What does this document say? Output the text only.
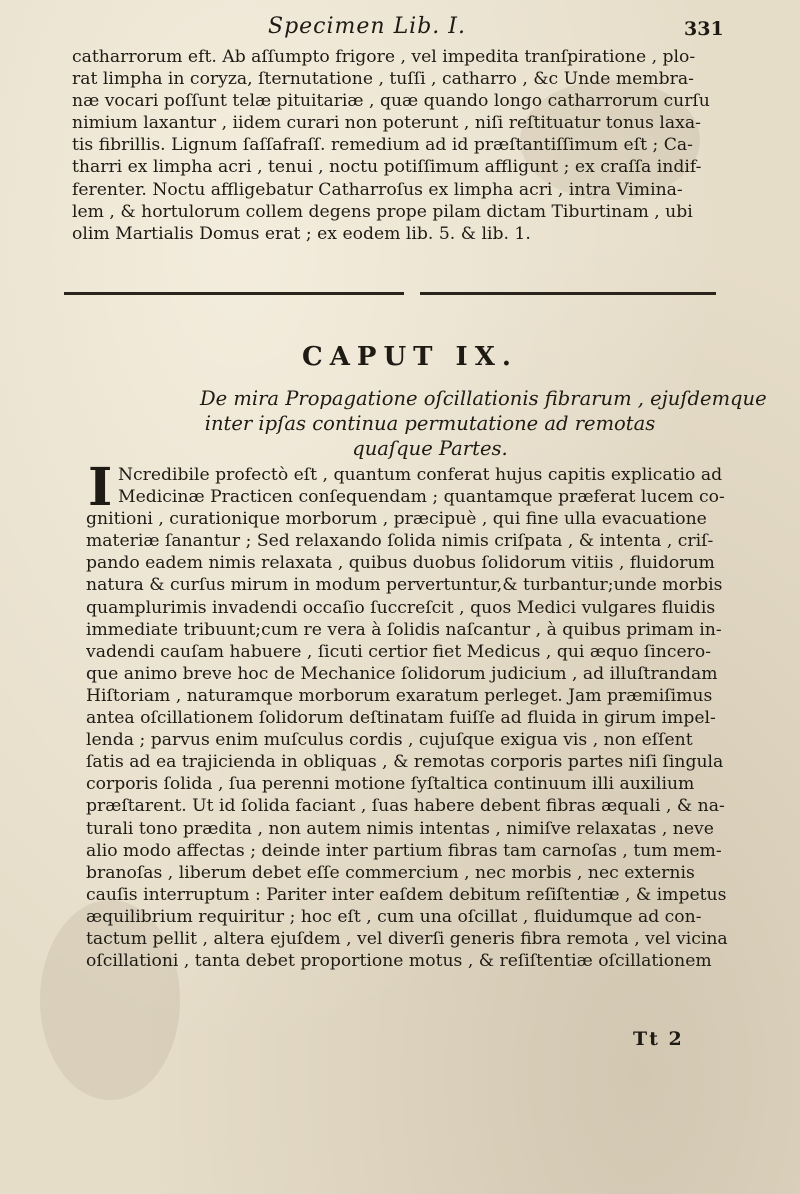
Specimen Lib. I.	331
catharrorum eft. Ab aſſumpto frigore , vel impedita tranſpiratione , plo-
rat limpha in coryza, ſternutatione , tuſſi , catharro , &c Unde membra-
næ vocari poſſunt telæ pituitariæ , quæ quando longo catharrorum curſu
nimium laxantur , iidem curari non poterunt , niſi reſtituatur tonus laxa-
tis fibrillis. Lignum ſaſſafraſſ. remedium ad id præſtantiſſimum eſt ; Ca-
tharri ex limpha acri , tenui , noctu potiſſimum affligunt ; ex craſſa indif-
ferenter. Noctu affligebatur Catharroſus ex limpha acri , intra Vimina-
lem , & hortulorum collem degens prope pilam dictam Tiburtinam , ubi
olim Martialis Domus erat ; ex eodem lib. 5. & lib. 1.
CAPUT IX.
De mira Propagatione oſcillationis fibrarum , ejuſdemque
inter ipſas continua permutatione ad remotas
quaſque Partes.
I Ncredibile profectò eſt , quantum conferat hujus capitis explicatio ad
Medicinæ Practicen conſequendam ; quantamque præferat lucem co-
gnitioni , curationique morborum , præcipuè , qui fine ulla evacuatione
materiæ ſanantur ; Sed relaxando ſolida nimis criſpata , & intenta , criſ-
pando eadem nimis relaxata , quibus duobus ſolidorum vitiis , fluidorum
natura & curſus mirum in modum pervertuntur,& turbantur;unde morbis
quamplurimis invadendi occaſio ſuccreſcit , quos Medici vulgares fluidis
immediate tribuunt;cum re vera à ſolidis naſcantur , à quibus primam in-
vadendi cauſam habuere , ſicuti certior fiet Medicus , qui æquo ſincero-
que animo breve hoc de Mechanice ſolidorum judicium , ad illuſtrandam
Hiſtoriam , naturamque morborum exaratum perleget. Jam præmiſimus
antea oſcillationem ſolidorum deſtinatam fuiſſe ad fluida in girum impel-
lenda ; parvus enim muſculus cordis , cujuſque exigua vis , non eſſent
ſatis ad ea trajicienda in obliquas , & remotas corporis partes niſi ſingula
corporis ſolida , ſua perenni motione ſyſtaltica continuum illi auxilium
præſtarent. Ut id ſolida faciant , ſuas habere debent fibras æquali , & na-
turali tono prædita , non autem nimis intentas , nimiſve relaxatas , neve
alio modo affectas ; deinde inter partium fibras tam carnoſas , tum mem-
branoſas , liberum debet eſſe commercium , nec morbis , nec externis
cauſis interruptum : Pariter inter eaſdem debitum reſiſtentiæ , & impetus
æquilibrium requiritur ; hoc eſt , cum una oſcillat , fluidumque ad con-
tactum pellit , altera ejuſdem , vel diverſi generis fibra remota , vel vicina
oſcillationi , tanta debet proportione motus , & reſiſtentiæ oſcillationem
Tt 2
